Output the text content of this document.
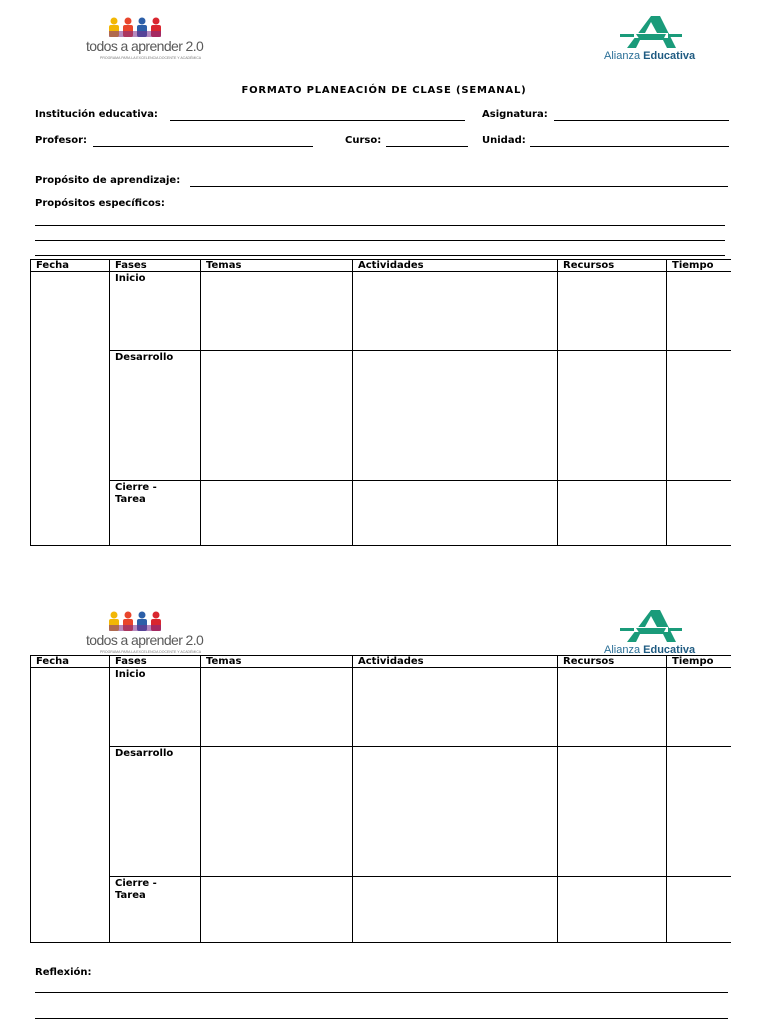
todos a aprender 2.0
PROGRAMA PARA LA EXCELENCIA DOCENTE Y ACADÉMICA	Alianza Educativa
FORMATO PLANEACIÓN DE CLASE (SEMANAL)
Institución educativa:	Asignatura:
Profesor:	Curso:	Unidad:
Propósito de aprendizaje:
Propósitos específicos:
Fecha	Fases	Temas	Actividades	Recursos	Tiempo
	Inicio				
	Desarrollo				
	Cierre -
Tarea				
todos a aprender 2.0
PROGRAMA PARA LA EXCELENCIA DOCENTE Y ACADÉMICA	Alianza Educativa
Fecha	Fases	Temas	Actividades	Recursos	Tiempo
	Inicio				
	Desarrollo				
	Cierre -
Tarea				
Reflexión:
